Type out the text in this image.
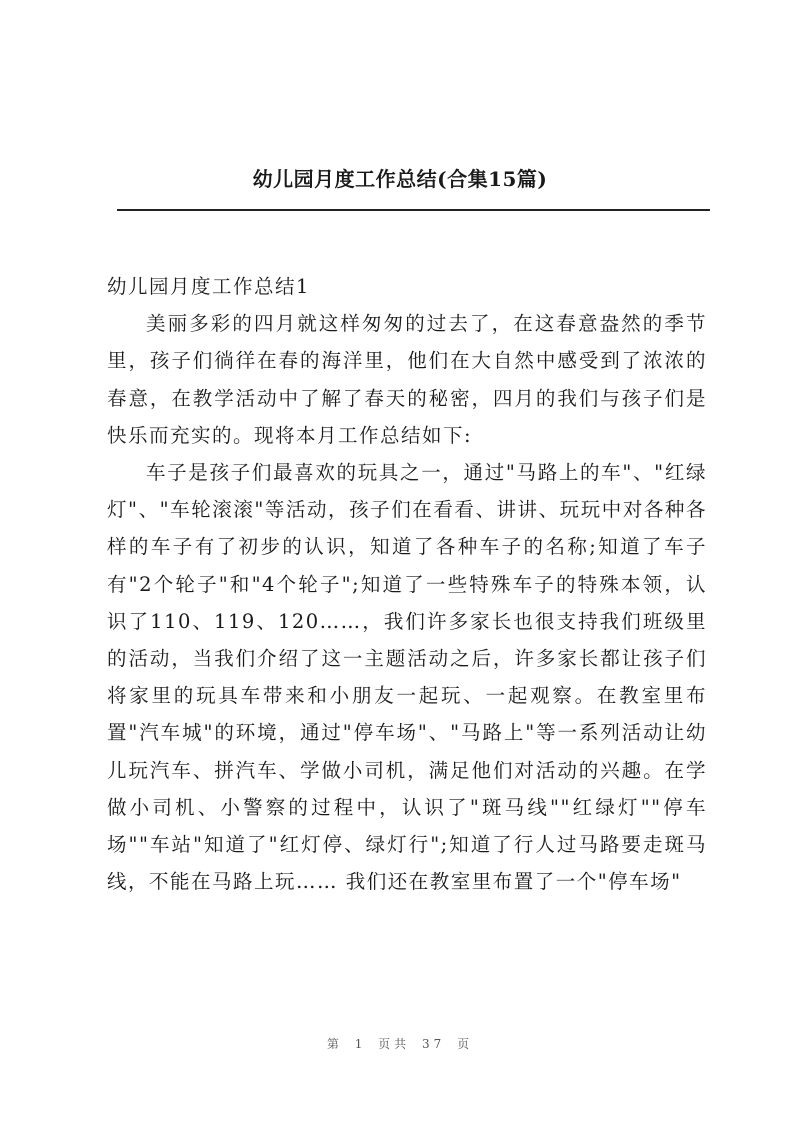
幼儿园月度工作总结(合集15篇)
幼儿园月度工作总结1

美丽多彩的四月就这样匆匆的过去了，在这春意盎然的季节里，孩子们徜徉在春的海洋里，他们在大自然中感受到了浓浓的春意，在教学活动中了解了春天的秘密，四月的我们与孩子们是快乐而充实的。现将本月工作总结如下:

车子是孩子们最喜欢的玩具之一，通过"马路上的车"、"红绿灯"、"车轮滚滚"等活动，孩子们在看看、讲讲、玩玩中对各种各样的车子有了初步的认识，知道了各种车子的名称;知道了车子有"2个轮子"和"4个轮子";知道了一些特殊车子的特殊本领，认识了110、119、120……，我们许多家长也很支持我们班级里的活动，当我们介绍了这一主题活动之后，许多家长都让孩子们将家里的玩具车带来和小朋友一起玩、一起观察。在教室里布置"汽车城"的环境，通过"停车场"、"马路上"等一系列活动让幼儿玩汽车、拼汽车、学做小司机，满足他们对活动的兴趣。在学做小司机、小警察的过程中，认识了"斑马线""红绿灯""停车场""车站"知道了"红灯停、绿灯行";知道了行人过马路要走斑马线，不能在马路上玩…… 我们还在教室里布置了一个"停车场"

第 1 页共 37 页
